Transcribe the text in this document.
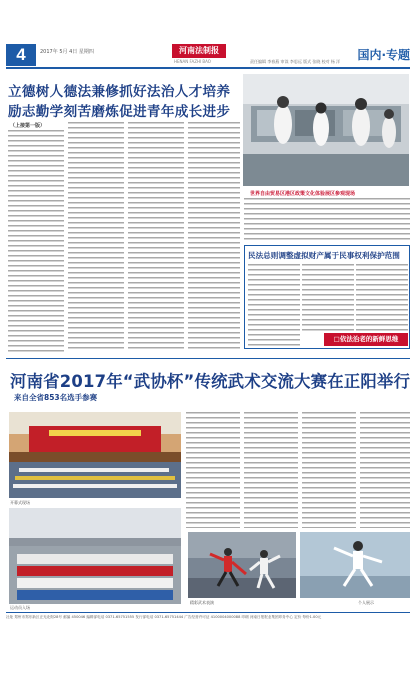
4	2017年 5月 4日 星期四	河南法制报
HENAN FAZHI BAO	责任编辑 李春燕 审读 李思远 版式 张晓 校对 杨 洋	国内·专题
立德树人德法兼修抓好法治人才培养
励志勤学刻苦磨炼促进青年成长进步
（上接第一版）
世界自由贸易区港区政策文化体验展区参观现场
民法总则调整虚拟财产属于民事权利保护范围
□依法治老的新鲜思维
河南省2017年“武协杯”传统武术交流大赛在正阳举行
来自全省853名选手参赛
开幕式现场
运动员入场
精彩武术表演	个人展示
社址 郑州市郑东新区正光北街28号 邮编 450046 编辑部电话 0371-65751555 发行部电话 0371-65751444 广告经营许可证 4100004000088 印刷 河南日报报业集团印务中心 定价 每份1.00元
